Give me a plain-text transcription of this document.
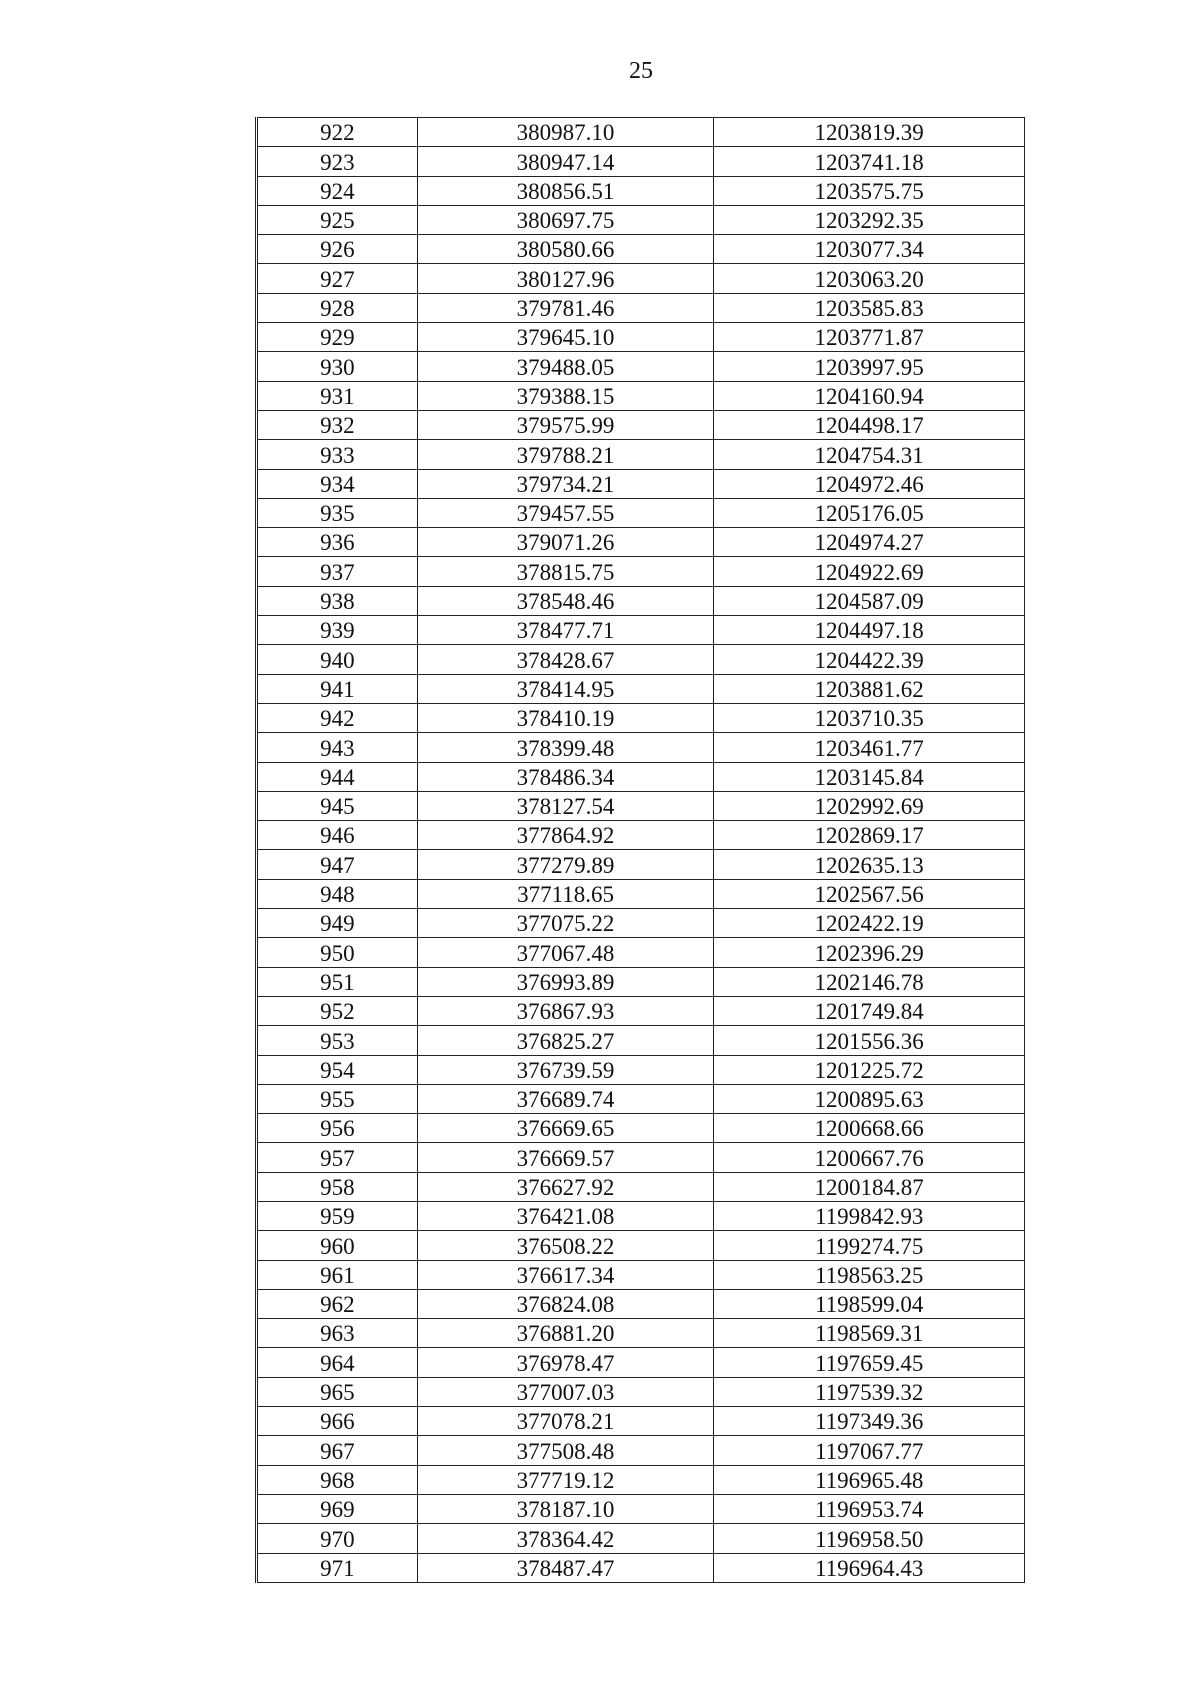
25
922	380987.10	1203819.39
923	380947.14	1203741.18
924	380856.51	1203575.75
925	380697.75	1203292.35
926	380580.66	1203077.34
927	380127.96	1203063.20
928	379781.46	1203585.83
929	379645.10	1203771.87
930	379488.05	1203997.95
931	379388.15	1204160.94
932	379575.99	1204498.17
933	379788.21	1204754.31
934	379734.21	1204972.46
935	379457.55	1205176.05
936	379071.26	1204974.27
937	378815.75	1204922.69
938	378548.46	1204587.09
939	378477.71	1204497.18
940	378428.67	1204422.39
941	378414.95	1203881.62
942	378410.19	1203710.35
943	378399.48	1203461.77
944	378486.34	1203145.84
945	378127.54	1202992.69
946	377864.92	1202869.17
947	377279.89	1202635.13
948	377118.65	1202567.56
949	377075.22	1202422.19
950	377067.48	1202396.29
951	376993.89	1202146.78
952	376867.93	1201749.84
953	376825.27	1201556.36
954	376739.59	1201225.72
955	376689.74	1200895.63
956	376669.65	1200668.66
957	376669.57	1200667.76
958	376627.92	1200184.87
959	376421.08	1199842.93
960	376508.22	1199274.75
961	376617.34	1198563.25
962	376824.08	1198599.04
963	376881.20	1198569.31
964	376978.47	1197659.45
965	377007.03	1197539.32
966	377078.21	1197349.36
967	377508.48	1197067.77
968	377719.12	1196965.48
969	378187.10	1196953.74
970	378364.42	1196958.50
971	378487.47	1196964.43
